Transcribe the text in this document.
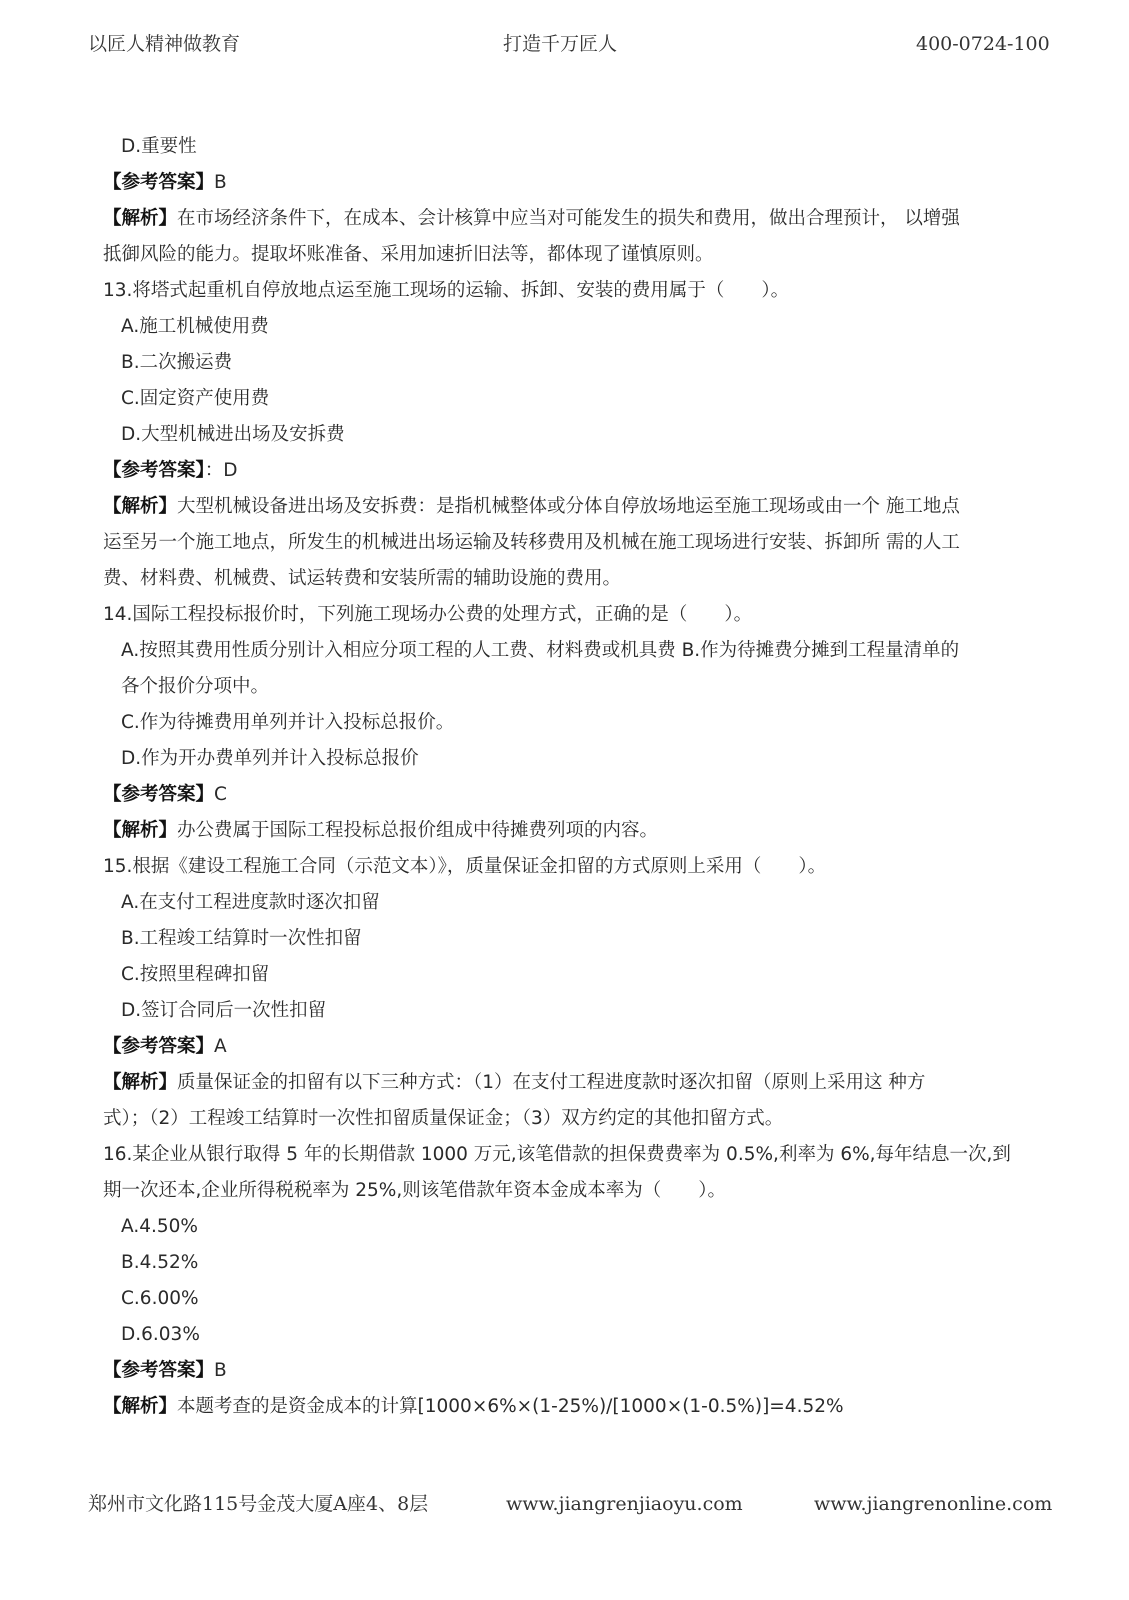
以匠人精神做教育	打造千万匠人	400-0724-100
D.重要性
【参考答案】B
【解析】在市场经济条件下，在成本、会计核算中应当对可能发生的损失和费用，做出合理预计， 以增强
抵御风险的能力。提取坏账准备、采用加速折旧法等，都体现了谨慎原则。
13.将塔式起重机自停放地点运至施工现场的运输、拆卸、安装的费用属于（　　）。
A.施工机械使用费
B.二次搬运费
C.固定资产使用费
D.大型机械进出场及安拆费
【参考答案】：D
【解析】大型机械设备进出场及安拆费：是指机械整体或分体自停放场地运至施工现场或由一个 施工地点
运至另一个施工地点，所发生的机械进出场运输及转移费用及机械在施工现场进行安装、拆卸所 需的人工
费、材料费、机械费、试运转费和安装所需的辅助设施的费用。
14.国际工程投标报价时，下列施工现场办公费的处理方式，正确的是（　　）。
A.按照其费用性质分别计入相应分项工程的人工费、材料费或机具费 B.作为待摊费分摊到工程量清单的
各个报价分项中。
C.作为待摊费用单列并计入投标总报价。
D.作为开办费单列并计入投标总报价
【参考答案】C
【解析】办公费属于国际工程投标总报价组成中待摊费列项的内容。
15.根据《建设工程施工合同（示范文本）》，质量保证金扣留的方式原则上采用（　　）。
A.在支付工程进度款时逐次扣留
B.工程竣工结算时一次性扣留
C.按照里程碑扣留
D.签订合同后一次性扣留
【参考答案】A
【解析】质量保证金的扣留有以下三种方式：（1）在支付工程进度款时逐次扣留（原则上采用这 种方
式）；（2）工程竣工结算时一次性扣留质量保证金；（3）双方约定的其他扣留方式。
16.某企业从银行取得 5 年的长期借款 1000 万元,该笔借款的担保费费率为 0.5%,利率为 6%,每年结息一次,到
期一次还本,企业所得税税率为 25%,则该笔借款年资本金成本率为（　　）。
A.4.50%
B.4.52%
C.6.00%
D.6.03%
【参考答案】B
【解析】本题考查的是资金成本的计算[1000×6%×(1-25%)/[1000×(1-0.5%)]=4.52%
郑州市文化路115号金茂大厦A座4、8层	www.jiangrenjiaoyu.com	www.jiangrenonline.com
